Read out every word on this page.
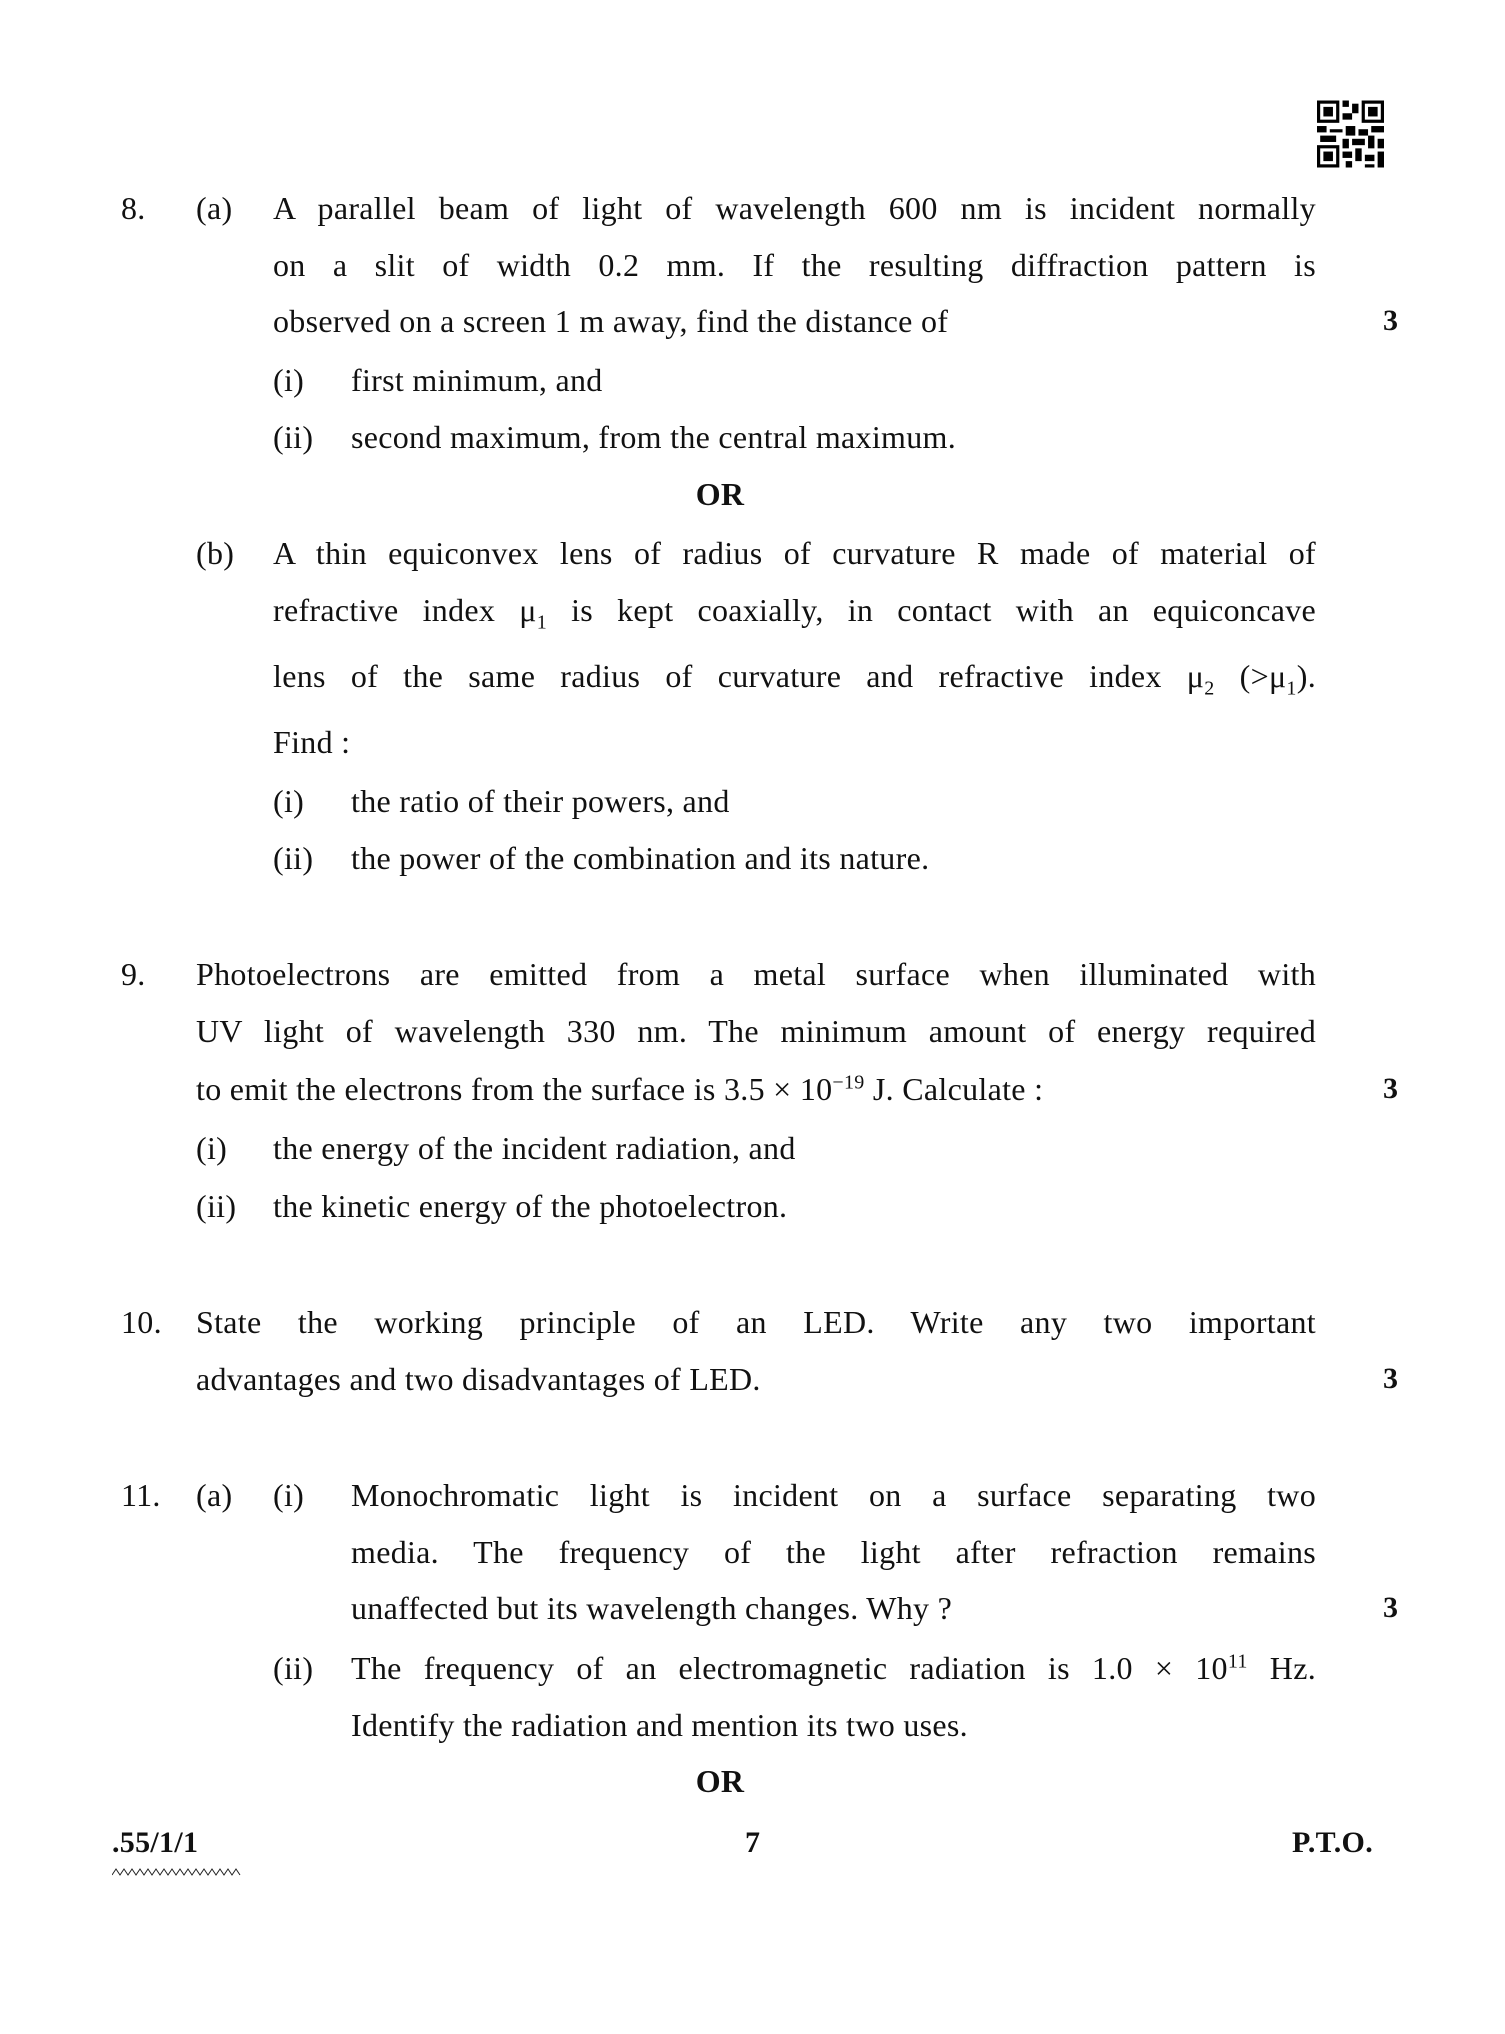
8. (a) A parallel beam of light of wavelength 600 nm is incident normally
on a slit of width 0.2 mm. If the resulting diffraction pattern is
observed on a screen 1 m away, find the distance of	3
(i) first minimum, and
(ii) second maximum, from the central maximum.
OR
(b) A thin equiconvex lens of radius of curvature R made of material of
refractive index $\mu_1$ is kept coaxially, in contact with an equiconcave
lens of the same radius of curvature and refractive index $\mu_2$ $(>\mu_1)$.
Find :
(i) the ratio of their powers, and
(ii) the power of the combination and its nature.
9. Photoelectrons are emitted from a metal surface when illuminated with
UV light of wavelength 330 nm. The minimum amount of energy required
to emit the electrons from the surface is $3.5 \times 10^{-19}$ J. Calculate :	3
(i) the energy of the incident radiation, and
(ii) the kinetic energy of the photoelectron.
10. State the working principle of an LED. Write any two important
advantages and two disadvantages of LED.	3
11. (a) (i) Monochromatic light is incident on a surface separating two
media. The frequency of the light after refraction remains
unaffected but its wavelength changes. Why ?	3
(ii) The frequency of an electromagnetic radiation is $1.0 \times 10^{11}$ Hz.
Identify the radiation and mention its two uses.
OR
.55/1/1	7	P.T.O.
